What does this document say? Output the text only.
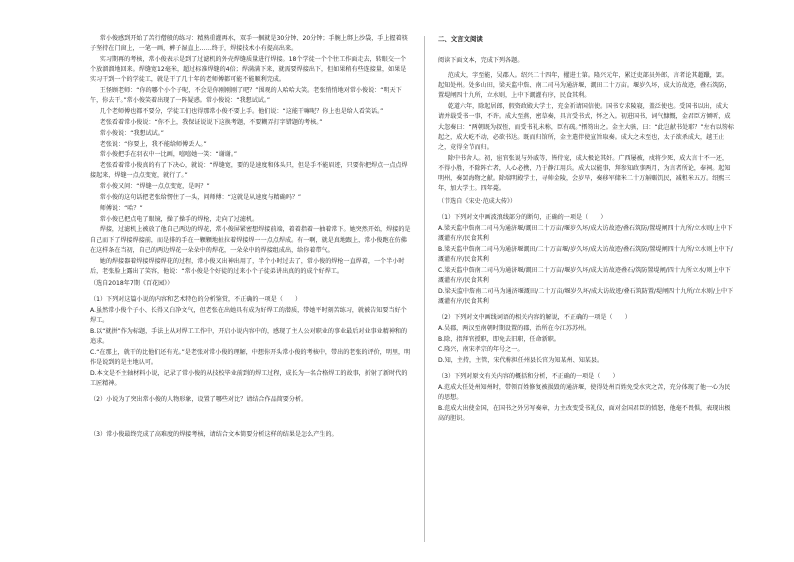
常小俊感到开始了苦行僧般的练习：精熟重灌再水，双手一捆就是30分钟、20分钟；手腕上绑上沙袋，手上握着筷子坚持在门窗上，一笔一画，裤子湿直上……终于，焊接技术小有提高出来。

实习期再的考核，常小俊表示是到了过滤机的外壳焊缝质量进行焊接。18个学徒一个个往工作面走去，转眼交一个个放溜溜地回来。焊缝宽12毫米，超过标准焊缝的4倍；焊满满下来，就需要焊接出下，但如果稍有些连接量，如果是实习干到一个的学徒工，就是干了几十年的老师傅都可能不能顺利完成。

王怪顾老师：“你的哪个小个子呢，不会是你刚刚刚了吧？”围观的人哈哈大笑。老张悄悄地对常小俊说：“明天下午，你去干。”常小俊笑着出现了一阵疑惑。常小俊说：“我想试试。”

几个老师傅也都不要分，学徒工们也得那常小俊不要上手。他们说：“这能干嘛呢？你上也是给人看笑话。”

老张看着常小俊说：“你不上，我保证说说下这换考题，不要糊弄打字错题的考核。”

常小俊说：“我想试试。”

老张说：“你要上，我不能给师傅丢人。”

常小俊把手在羽衣中一比画，嘻嘻她一笑：“谢谢。”

老张看着常小俊真的有了下决心，就说：“焊缝宽，要的是速度和体头只，但是手不能眉迹，只要你把焊点一点点焊接起来，焊缝一点点变宽，就行了。”

常小俊又问：“焊缝一点点变宽，是吗？”

常小俊的这句话把老张给愣住了一头，问师傅：“这就是从速度与精确吗？”

师傅说：“哈？”

常小俊已把点电了眼镜，操了操手的焊枪，走向了过滤机。

焊接，过滤机上被放了他自己两边的焊花，常小俊屏紧密想焊接前端，着着指着一抽着常下。她突然开始，焊接的是自己而下了焊接焊接前，而是排的手在一颗颗地扯拉着焊接焊一一点点焊成。有一啊，就是真地跟上，常小俊跑在仿佛在这样条在当初，自己的两边焊花一朵朵中的焊花，一朵朵中的焊接组成出，给你着带气。

她的焊接器着焊接焊接焊花的过程，常小俊又出神出用了，半个小时过去了，常小俊的焊枪一直焊着，一个半小时后，老张脸上露出了笑容，他说：“常小俊是个好徒的过来小个子徒弟讲出真的的成个好焊工。

（选自2018年7期《百花园》）

（1）下列对这篇小说的内容和艺术特色的分析鉴赏，不正确的一项是（　　）

A.虽然常小俊个子小、长得又白净文气，但老张在出她具有成为好焊工的潜质，带她平时刻苦练习，就被告知要当好个焊工。

B.以“就拼”作为标题，手法上从对焊工工作中，开启小说内容中的，感现了主人公对职业的事业最后对业事业精神和的追求。

C.“在那上，就干的比他们还有光。”是老张对常小俊的理解，中想你开头常小俊的考核中，带出的老张的评价，明里，明作是说到的是主地认可。

D.本文是不主轴材料小说，记录了常小俊的从技校毕业前到的焊工过程，成长为一名合格焊工的故事，折射了新时代的工匠精神。

（2）小说为了突出常小俊的人物形象，设置了哪些对比？请结合作品简要分析。

（3）常小俊最终完成了高难度的焊接考核，请结合文本简要分析这样的结果是怎么产生的。

二、文言文阅读

阅读下面文本，完成下列各题。

范成大，字至能，吴郡人。绍兴二十四年，擢进士第。隆兴元年，累迁吏部员外郎，言者论其超躐，罢。起知处州。处多山田，梁天监中詹、南二司马为通济堰，溉田二十万亩。堰岁久坏，成大访故迹，叠石筑防，置堤闸四十九所，立水则，上中下溉灌有序，民食其利。

乾道六年，除起居郎，假资政殿大学士，充金祈请国信使。国书专求陵寝，盖泛使也。受国书以出，成大请并载受书一事，不许。成大至燕，密草奏，具言受书式，怀之入。初进国书，词气慷慨，金君臣方倾听，成大忽奏曰：“两朝既为叔侄，而受书礼未称，臣有疏。”搢笏出之。金主大骇，曰：“此岂献书处耶？”左右以笏标起之，成大屹不动，必欲书达。既而归馆所，金主遣伴使宣旨取奏。成大之未至也，太子欲杀成大，越王止之，竟得全节而归。

除中书舍人。初，宦官张说与外戚等，皆侍宠，成大极论其奸。广西屡被，戍将少死，成大言十不一还，不得小胜，不除阵亡者，人心必携，乃于静江用兵。成大以能事，拜参知政事两月，为言者所论，奉祠。起知明州，奏罢海物之献。除端明殿学士，寻帅金陵，会岁旱，奏移军储米二十万斛赈饥民，减租米五万。绍熙三年，加大学士。四年薨。

（节选自《宋史·范成大传》）

（1）下列对文中画波浪线部分的断句，正确的一项是（　　）

A.梁天监中詹南二司马为通济堰/溉田二十万亩/堰岁久坏/成大访故迹/叠石筑防/置堤闸四十九所/立水则/上中下溉灌有序/民食其利

B.梁天监中詹南二司马为通济堰溉田/二十万亩堰/岁久坏/成大访故迹/叠石筑防/置堤闸四十九所/立水则上中下/溉灌有序/民食其利

C.梁天监中詹南二司马为通济堰/溉田二十万亩/堰岁久坏/成大访故迹叠石/筑防置堤闸/四十九所立水/则上中下溉灌有序/民食其利

D.梁天监中詹南二司马为通济堰溉田/二十万亩/堰岁久坏/成大访故迹/叠石筑防置/堤闸四十九所/立水则/上中下溉灌有序/民食其利

（2）下列对文中画线词语的相关内容的解说，不正确的一项是（　　）

A.吴郡，两汉至南朝时期设置的郡，治所在今江苏苏州。

B.除，指拜官授职，即免去旧职，任命新职。

C.隆兴，南宋孝宗的年号之一。

D.知，主持，主管，宋代称担任州县长官为知某州、知某县。

（3）下列对原文有关内容的概括和分析，不正确的一项是（　　）

A.范成大任处州知州时，带领百姓修复被损毁的通济堰，使得处州百姓免受水灾之苦，充分体现了他一心为民的思想。

B.范成大出使金国，在国书之外另写奏章，力主改变受书礼仪，面对金国君臣的愤怒，他毫不畏惧，表现出极高的胆识。
